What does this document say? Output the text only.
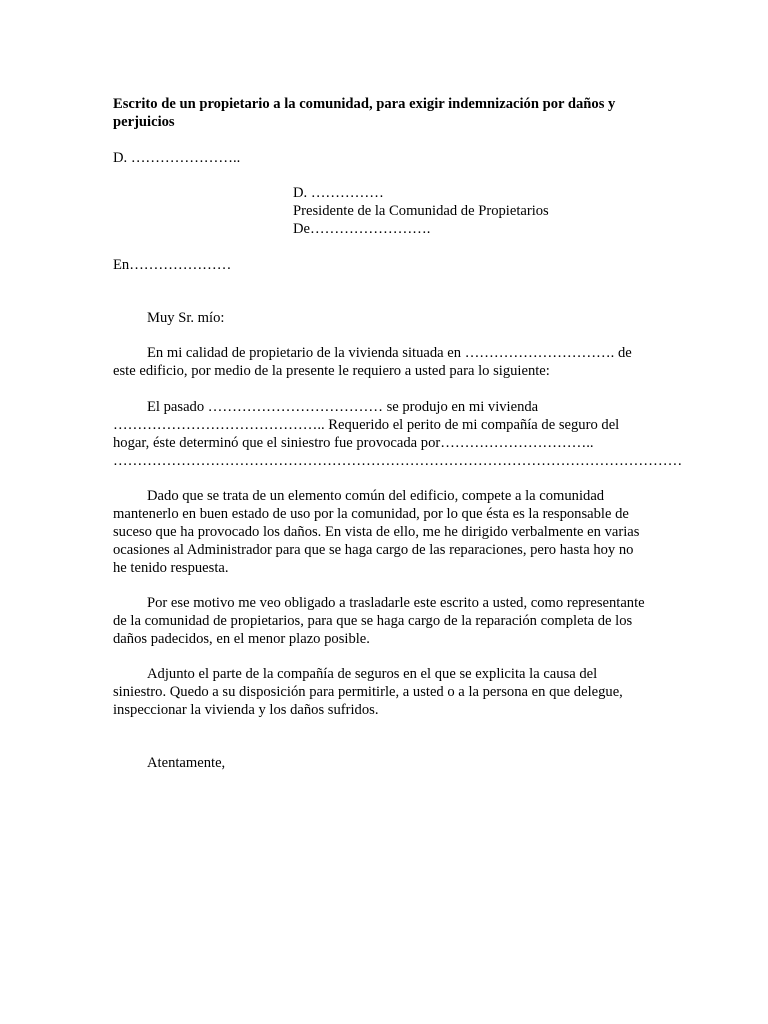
Escrito de un propietario a la comunidad, para exigir indemnización por daños y perjuicios
D. …………………..
D. ……………
Presidente de la Comunidad de Propietarios
De…………………….
En…………………
Muy Sr. mío:
En mi calidad de propietario de la vivienda situada en …………………………. de este edificio, por medio de la presente le requiero a usted para lo siguiente:
El pasado ……………………………… se produjo en mi vivienda …………………………………….. Requerido el perito de mi compañía de seguro del hogar, éste determinó que el siniestro fue provocada por………………………….. ………………………………………………………………………………………………………
Dado que se trata de un elemento común del edificio, compete a la comunidad mantenerlo en buen estado de uso por la comunidad, por lo que ésta es la responsable de suceso que ha provocado los daños. En vista de ello, me he dirigido verbalmente en varias ocasiones al Administrador para que se haga cargo de las reparaciones, pero hasta hoy no he tenido respuesta.
Por ese motivo me veo obligado a trasladarle este escrito a usted, como representante de la comunidad de propietarios, para que se haga cargo de la reparación completa de los daños padecidos, en el menor plazo posible.
Adjunto el parte de la compañía de seguros en el que se explicita la causa del siniestro. Quedo a su disposición para permitirle, a usted o a la persona en que delegue, inspeccionar la vivienda y los daños sufridos.
Atentamente,
